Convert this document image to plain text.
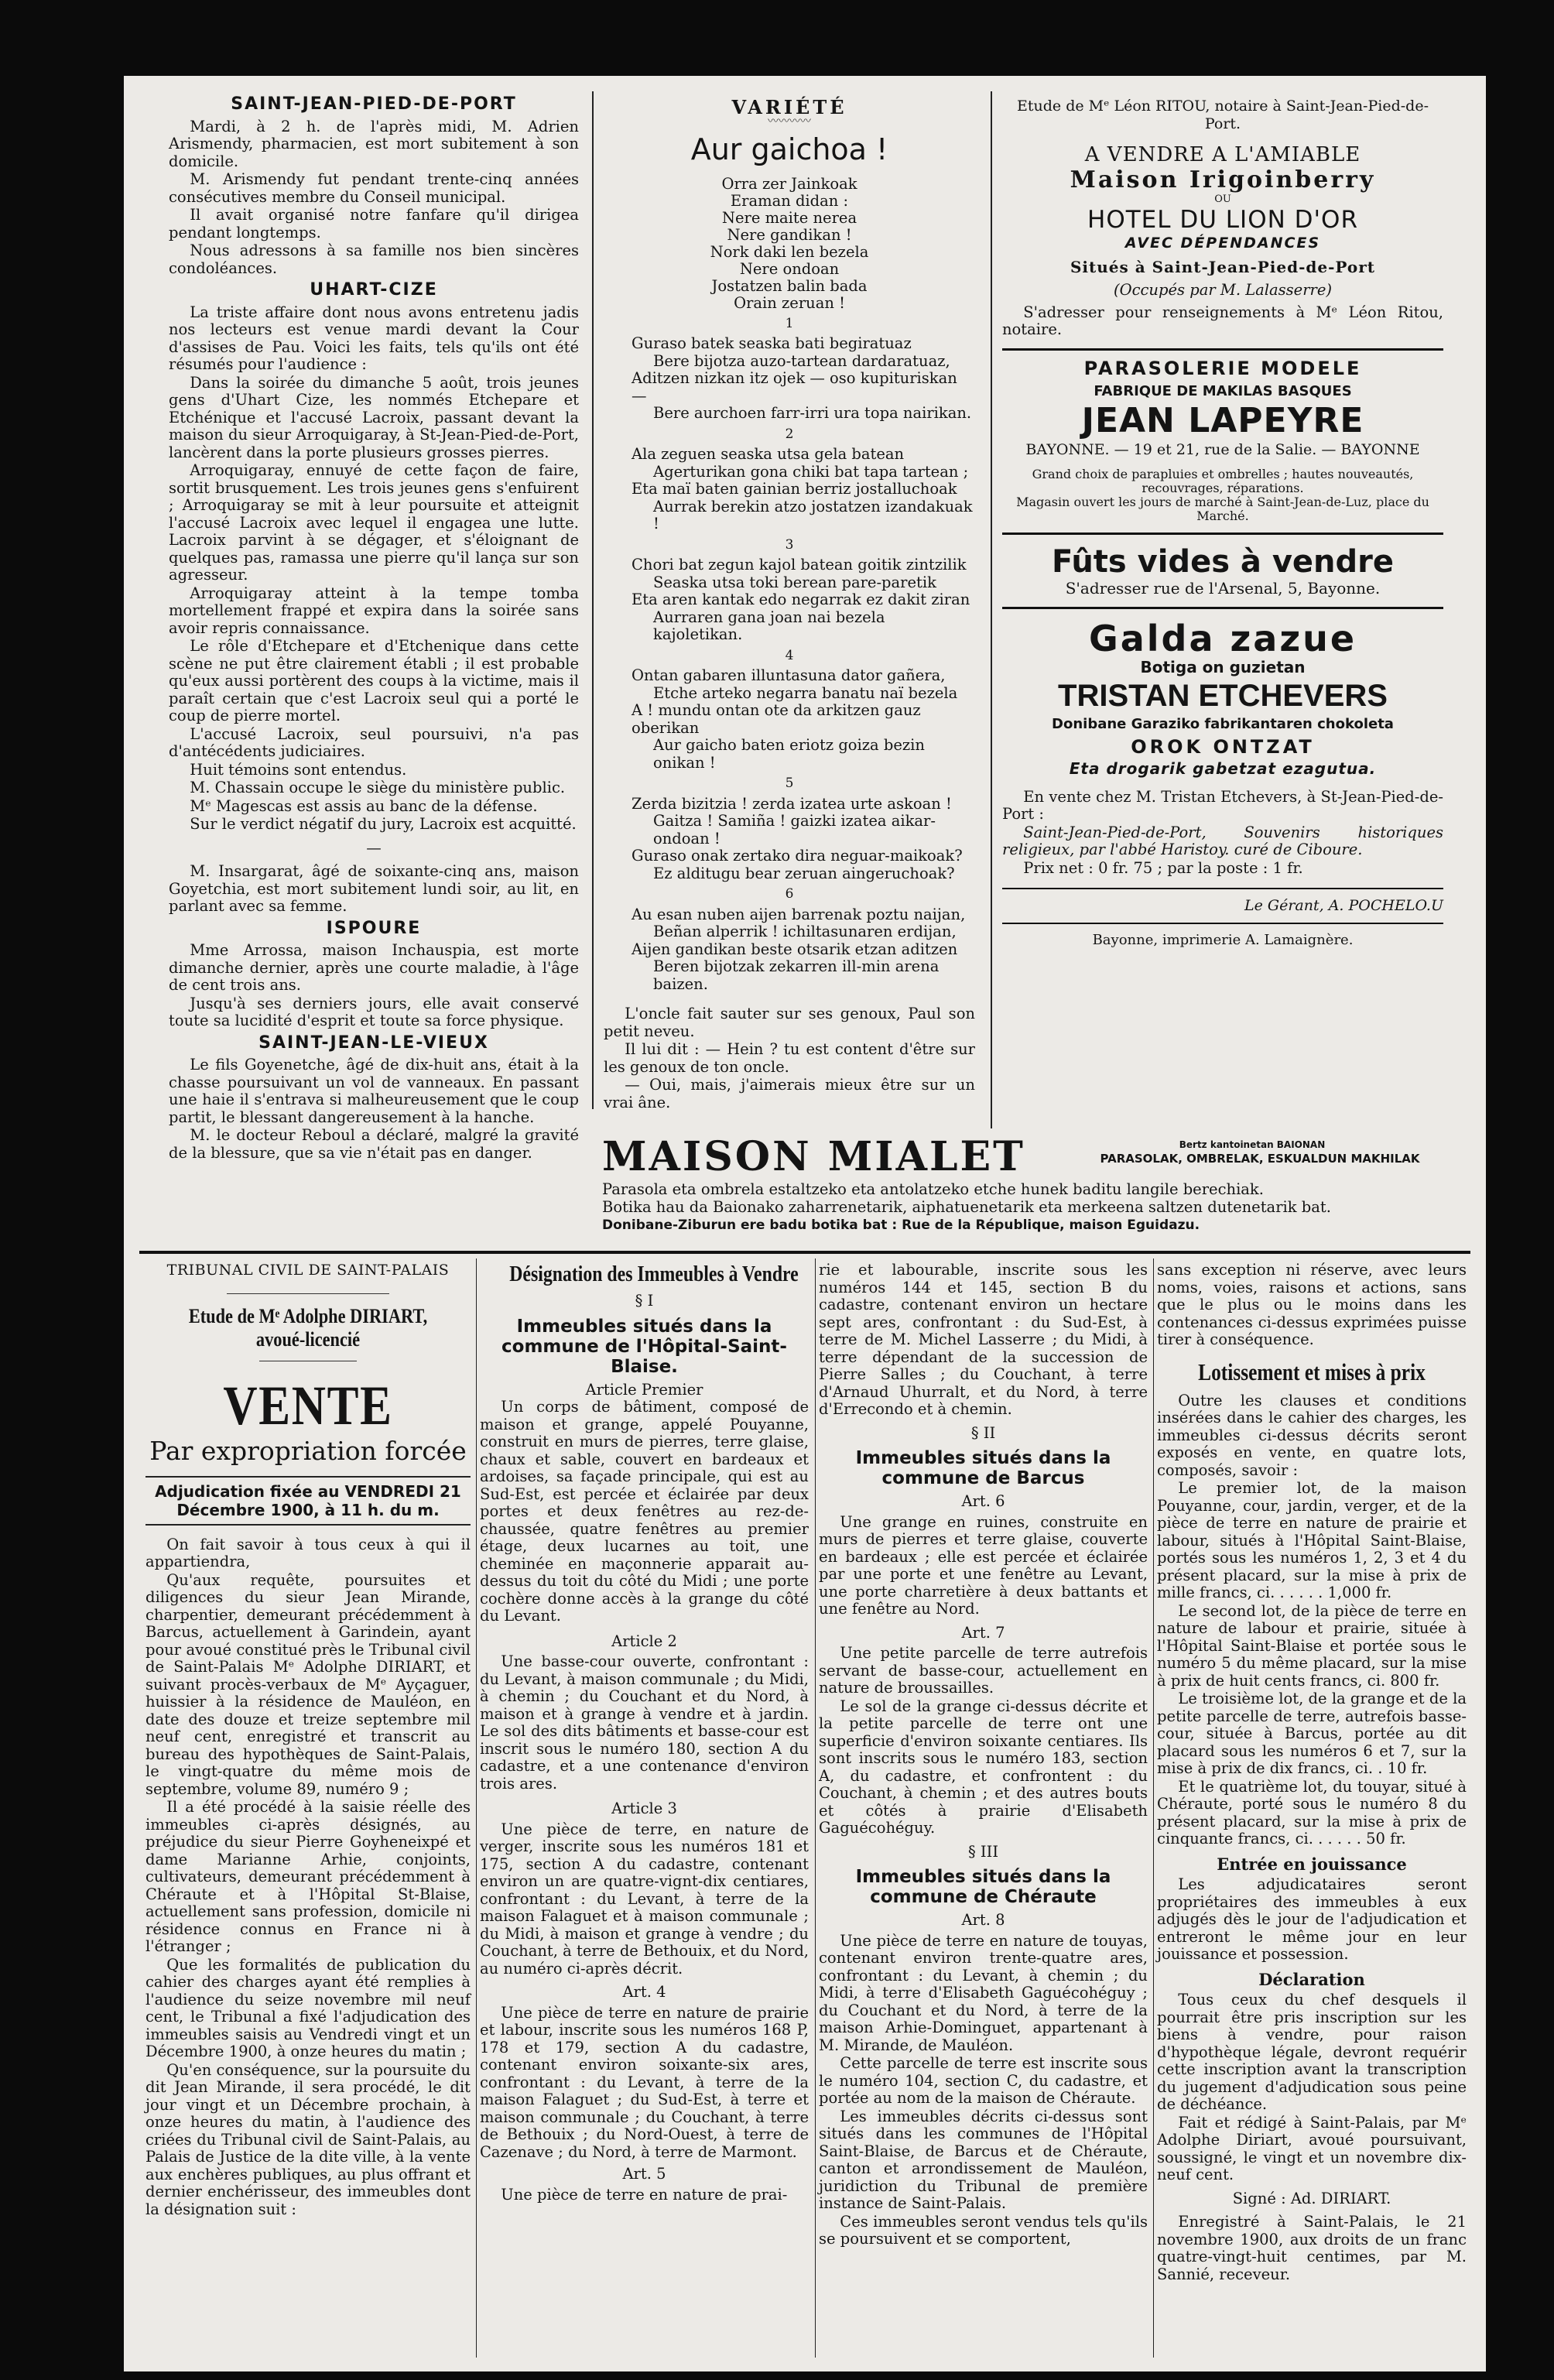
SAINT-JEAN-PIED-DE-PORT

Mardi, à 2 h. de l'après midi, M. Adrien Arismendy, pharmacien, est mort subitement à son domicile.

M. Arismendy fut pendant trente-cinq années consécutives membre du Conseil municipal.

Il avait organisé notre fanfare qu'il dirigea pendant longtemps.

Nous adressons à sa famille nos bien sincères condoléances.

UHART-CIZE

La triste affaire dont nous avons entretenu jadis nos lecteurs est venue mardi devant la Cour d'assises de Pau. Voici les faits, tels qu'ils ont été résumés pour l'audience :

Dans la soirée du dimanche 5 août, trois jeunes gens d'Uhart Cize, les nommés Etchepare et Etchénique et l'accusé Lacroix, passant devant la maison du sieur Arroquigaray, à St-Jean-Pied-de-Port, lancèrent dans la porte plusieurs grosses pierres.

Arroquigaray, ennuyé de cette façon de faire, sortit brusquement. Les trois jeunes gens s'enfuirent ; Arroquigaray se mit à leur poursuite et atteignit l'accusé Lacroix avec lequel il engagea une lutte. Lacroix parvint à se dégager, et s'éloignant de quelques pas, ramassa une pierre qu'il lança sur son agresseur.

Arroquigaray atteint à la tempe tomba mortellement frappé et expira dans la soirée sans avoir repris connaissance.

Le rôle d'Etchepare et d'Etchenique dans cette scène ne put être clairement établi ; il est probable qu'eux aussi portèrent des coups à la victime, mais il paraît certain que c'est Lacroix seul qui a porté le coup de pierre mortel.

L'accusé Lacroix, seul poursuivi, n'a pas d'antécédents judiciaires.

Huit témoins sont entendus.

M. Chassain occupe le siège du ministère public.

Mᵉ Magescas est assis au banc de la défense.

Sur le verdict négatif du jury, Lacroix est acquitté.

—

M. Insargarat, âgé de soixante-cinq ans, maison Goyetchia, est mort subitement lundi soir, au lit, en parlant avec sa femme.

ISPOURE

Mme Arrossa, maison Inchauspia, est morte dimanche dernier, après une courte maladie, à l'âge de cent trois ans.

Jusqu'à ses derniers jours, elle avait conservé toute sa lucidité d'esprit et toute sa force physique.

SAINT-JEAN-LE-VIEUX

Le fils Goyenetche, âgé de dix-huit ans, était à la chasse poursuivant un vol de vanneaux. En passant une haie il s'entrava si malheureusement que le coup partit, le blessant dangereusement à la hanche.

M. le docteur Reboul a déclaré, malgré la gravité de la blessure, que sa vie n'était pas en danger.

VARIÉTÉ
〰〰〰〰
Aur gaichoa !
Orra zer Jainkoak
Eraman didan :
Nere maite nerea
Nere gandikan !
Nork daki len bezela
Nere ondoan
Jostatzen balin bada
Orain zeruan !
1
Guraso batek seaska bati begiratuaz
Bere bijotza auzo-tartean dardaratuaz,
Aditzen nizkan itz ojek — oso kupituriskan —
Bere aurchoen farr-irri ura topa nairikan.
2
Ala zeguen seaska utsa gela batean
Agerturikan gona chiki bat tapa tartean ;
Eta maï baten gainian berriz jostalluchoak
Aurrak berekin atzo jostatzen izandakuak !
3
Chori bat zegun kajol batean goitik zintzilik
Seaska utsa toki berean pare-paretik
Eta aren kantak edo negarrak ez dakit ziran
Aurraren gana joan nai bezela kajoletikan.
4
Ontan gabaren illuntasuna dator gañera,
Etche arteko negarra banatu naï bezela
A ! mundu ontan ote da arkitzen gauz oberikan
Aur gaicho baten eriotz goiza bezin onikan !
5
Zerda bizitzia ! zerda izatea urte askoan !
Gaitza ! Samiña ! gaizki izatea aikar-ondoan !
Guraso onak zertako dira neguar-maikoak?
Ez alditugu bear zeruan aingeruchoak?
6
Au esan nuben aijen barrenak poztu naijan,
Beñan alperrik ! ichiltasunaren erdijan,
Aijen gandikan beste otsarik etzan aditzen
Beren bijotzak zekarren ill-min arena baizen.

L'oncle fait sauter sur ses genoux, Paul son petit neveu.

Il lui dit : — Hein ? tu est content d'être sur les genoux de ton oncle.

— Oui, mais, j'aimerais mieux être sur un vrai âne.

Etude de Mᵉ Léon RITOU, notaire à Saint-Jean-Pied-de-Port.
A VENDRE A L'AMIABLE
Maison Irigoinberry
OU
HOTEL DU LION D'OR
AVEC DÉPENDANCES
Situés à Saint-Jean-Pied-de-Port
(Occupés par M. Lalasserre)

S'adresser pour renseignements à Mᵉ Léon Ritou, notaire.

PARASOLERIE MODELE
FABRIQUE DE MAKILAS BASQUES
JEAN LAPEYRE
BAYONNE. — 19 et 21, rue de la Salie. — BAYONNE
Grand choix de parapluies et ombrelles ; hautes nouveautés, recouvrages, réparations.
Magasin ouvert les jours de marché à Saint-Jean-de-Luz, place du Marché.
Fûts vides à vendre
S'adresser rue de l'Arsenal, 5, Bayonne.
Galda zazue
Botiga on guzietan
TRISTAN ETCHEVERS
Donibane Garaziko fabrikantaren chokoleta
OROK ONTZAT
Eta drogarik gabetzat ezagutua.

En vente chez M. Tristan Etchevers, à St-Jean-Pied-de-Port :

Saint-Jean-Pied-de-Port, Souvenirs historiques religieux, par l'abbé Haristoy. curé de Ciboure.

Prix net : 0 fr. 75 ; par la poste : 1 fr.

Le Gérant, A. POCHELO.U
Bayonne, imprimerie A. Lamaignère.
MAISON MIALET	Bertz kantoinetan BAIONAN
PARASOLAK, OMBRELAK, ESKUALDUN MAKHILAK
Parasola eta ombrela estaltzeko eta antolatzeko etche hunek baditu langile berechiak.
Botika hau da Baionako zaharrenetarik, aiphatuenetarik eta merkeena saltzen dutenetarik bat.
Donibane-Ziburun ere badu botika bat : Rue de la République, maison Eguidazu.
TRIBUNAL CIVIL DE SAINT-PALAIS
Etude de Mᵉ Adolphe DIRIART, avoué-licencié
VENTE
Par expropriation forcée
Adjudication fixée au VENDREDI 21 Décembre 1900, à 11 h. du m.

On fait savoir à tous ceux à qui il appartiendra,

Qu'aux requête, poursuites et diligences du sieur Jean Mirande, charpentier, demeurant précédemment à Barcus, actuellement à Garindein, ayant pour avoué constitué près le Tribunal civil de Saint-Palais Mᵉ Adolphe DIRIART, et suivant procès-verbaux de Mᵉ Ayçaguer, huissier à la résidence de Mauléon, en date des douze et treize septembre mil neuf cent, enregistré et transcrit au bureau des hypothèques de Saint-Palais, le vingt-quatre du même mois de septembre, volume 89, numéro 9 ;

Il a été procédé à la saisie réelle des immeubles ci-après désignés, au préjudice du sieur Pierre Goyheneixpé et dame Marianne Arhie, conjoints, cultivateurs, demeurant précédemment à Chéraute et à l'Hôpital St-Blaise, actuellement sans profession, domicile ni résidence connus en France ni à l'étranger ;

Que les formalités de publication du cahier des charges ayant été remplies à l'audience du seize novembre mil neuf cent, le Tribunal a fixé l'adjudication des immeubles saisis au Vendredi vingt et un Décembre 1900, à onze heures du matin ;

Qu'en conséquence, sur la poursuite du dit Jean Mirande, il sera procédé, le dit jour vingt et un Décembre prochain, à onze heures du matin, à l'audience des criées du Tribunal civil de Saint-Palais, au Palais de Justice de la dite ville, à la vente aux enchères publiques, au plus offrant et dernier enchérisseur, des immeubles dont la désignation suit :

Désignation des Immeubles à Vendre
§ I
Immeubles situés dans la commune de l'Hôpital-Saint-Blaise.
Article Premier

Un corps de bâtiment, composé de maison et grange, appelé Pouyanne, construit en murs de pierres, terre glaise, chaux et sable, couvert en bardeaux et ardoises, sa façade principale, qui est au Sud-Est, est percée et éclairée par deux portes et deux fenêtres au rez-de-chaussée, quatre fenêtres au premier étage, deux lucarnes au toit, une cheminée en maçonnerie apparait au-dessus du toit du côté du Midi ; une porte cochère donne accès à la grange du côté du Levant.

Article 2

Une basse-cour ouverte, confrontant : du Levant, à maison communale ; du Midi, à chemin ; du Couchant et du Nord, à maison et à grange à vendre et à jardin. Le sol des dits bâtiments et basse-cour est inscrit sous le numéro 180, section A du cadastre, et a une contenance d'environ trois ares.

Article 3

Une pièce de terre, en nature de verger, inscrite sous les numéros 181 et 175, section A du cadastre, contenant environ un are quatre-vignt-dix centiares, confrontant : du Levant, à terre de la maison Falaguet et à maison communale ; du Midi, à maison et grange à vendre ; du Couchant, à terre de Bethouix, et du Nord, au numéro ci-après décrit.

Art. 4

Une pièce de terre en nature de prairie et labour, inscrite sous les numéros 168 P, 178 et 179, section A du cadastre, contenant environ soixante-six ares, confrontant : du Levant, à terre de la maison Falaguet ; du Sud-Est, à terre et maison communale ; du Couchant, à terre de Bethouix ; du Nord-Ouest, à terre de Cazenave ; du Nord, à terre de Marmont.

Art. 5

Une pièce de terre en nature de prai-

rie et labourable, inscrite sous les numéros 144 et 145, section B du cadastre, contenant environ un hectare sept ares, confrontant : du Sud-Est, à terre de M. Michel Lasserre ; du Midi, à terre dépendant de la succession de Pierre Salles ; du Couchant, à terre d'Arnaud Uhurralt, et du Nord, à terre d'Errecondo et à chemin.

§ II
Immeubles situés dans la commune de Barcus
Art. 6

Une grange en ruines, construite en murs de pierres et terre glaise, couverte en bardeaux ; elle est percée et éclairée par une porte et une fenêtre au Levant, une porte charretière à deux battants et une fenêtre au Nord.

Art. 7

Une petite parcelle de terre autrefois servant de basse-cour, actuellement en nature de broussailles.

Le sol de la grange ci-dessus décrite et la petite parcelle de terre ont une superficie d'environ soixante centiares. Ils sont inscrits sous le numéro 183, section A, du cadastre, et confrontent : du Couchant, à chemin ; et des autres bouts et côtés à prairie d'Elisabeth Gaguécohéguy.

§ III
Immeubles situés dans la commune de Chéraute
Art. 8

Une pièce de terre en nature de touyas, contenant environ trente-quatre ares, confrontant : du Levant, à chemin ; du Midi, à terre d'Elisabeth Gaguécohéguy ; du Couchant et du Nord, à terre de la maison Arhie-Dominguet, appartenant à M. Mirande, de Mauléon.

Cette parcelle de terre est inscrite sous le numéro 104, section C, du cadastre, et portée au nom de la maison de Chéraute.

Les immeubles décrits ci-dessus sont situés dans les communes de l'Hôpital Saint-Blaise, de Barcus et de Chéraute, canton et arrondissement de Mauléon, juridiction du Tribunal de première instance de Saint-Palais.

Ces immeubles seront vendus tels qu'ils se poursuivent et se comportent,

sans exception ni réserve, avec leurs noms, voies, raisons et actions, sans que le plus ou le moins dans les contenances ci-dessus exprimées puisse tirer à conséquence.

Lotissement et mises à prix

Outre les clauses et conditions insérées dans le cahier des charges, les immeubles ci-dessus décrits seront exposés en vente, en quatre lots, composés, savoir :

Le premier lot, de la maison Pouyanne, cour, jardin, verger, et de la pièce de terre en nature de prairie et labour, situés à l'Hôpital Saint-Blaise, portés sous les numéros 1, 2, 3 et 4 du présent placard, sur la mise à prix de mille francs, ci. . . . . . 1,000 fr.

Le second lot, de la pièce de terre en nature de labour et prairie, située à l'Hôpital Saint-Blaise et portée sous le numéro 5 du même placard, sur la mise à prix de huit cents francs, ci. 800 fr.

Le troisième lot, de la grange et de la petite parcelle de terre, autrefois basse-cour, située à Barcus, portée au dit placard sous les numéros 6 et 7, sur la mise à prix de dix francs, ci. . 10 fr.

Et le quatrième lot, du touyar, situé à Chéraute, porté sous le numéro 8 du présent placard, sur la mise à prix de cinquante francs, ci. . . . . . 50 fr.

Entrée en jouissance

Les adjudicataires seront propriétaires des immeubles à eux adjugés dès le jour de l'adjudication et entreront le même jour en leur jouissance et possession.

Déclaration

Tous ceux du chef desquels il pourrait être pris inscription sur les biens à vendre, pour raison d'hypothèque légale, devront requérir cette inscription avant la transcription du jugement d'adjudication sous peine de déchéance.

Fait et rédigé à Saint-Palais, par Mᵉ Adolphe Diriart, avoué poursuivant, soussigné, le vingt et un novembre dix-neuf cent.

Signé : Ad. DIRIART.

Enregistré à Saint-Palais, le 21 novembre 1900, aux droits de un franc quatre-vingt-huit centimes, par M. Sannié, receveur.
